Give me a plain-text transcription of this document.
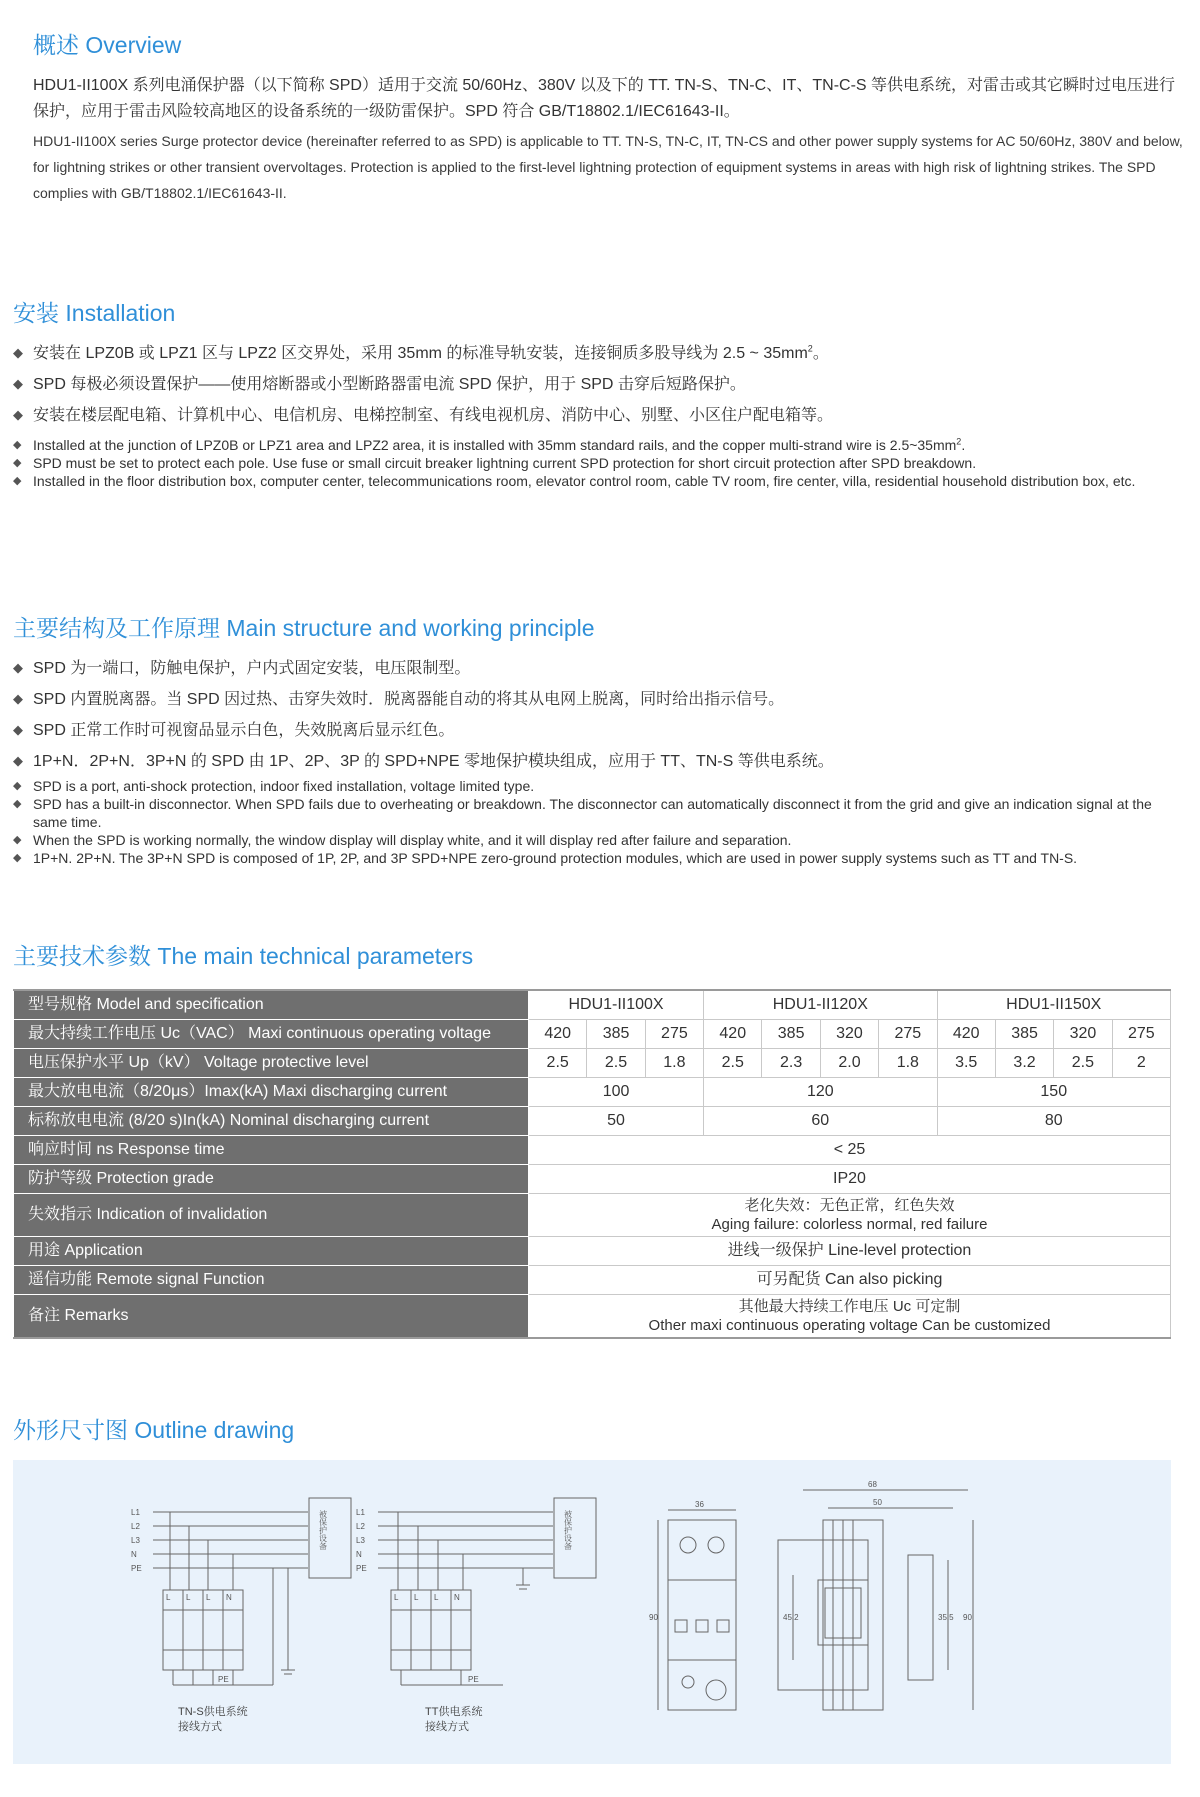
概述 Overview

HDU1-II100X 系列电涌保护器（以下简称 SPD）适用于交流 50/60Hz、380V 以及下的 TT. TN-S、TN-C、IT、TN-C-S 等供电系统，对雷击或其它瞬时过电压进行保护，应用于雷击风险较高地区的设备系统的一级防雷保护。SPD 符合 GB/T18802.1/IEC61643-II。

HDU1-II100X series Surge protector device (hereinafter referred to as SPD) is applicable to TT. TN-S, TN-C, IT, TN-CS and other power supply systems for AC 50/60Hz, 380V and below, for lightning strikes or other transient overvoltages. Protection is applied to the first-level lightning protection of equipment systems in areas with high risk of lightning strikes. The SPD complies with GB/T18802.1/IEC61643-II.

安装 Installation
◆ 安装在 LPZ0B 或 LPZ1 区与 LPZ2 区交界处，采用 35mm 的标准导轨安装，连接铜质多股导线为 2.5 ~ $35mm^2$。
◆ SPD 每极必须设置保护——使用熔断器或小型断路器雷电流 SPD 保护，用于 SPD 击穿后短路保护。
◆ 安装在楼层配电箱、计算机中心、电信机房、电梯控制室、有线电视机房、消防中心、别墅、小区住户配电箱等。
◆ Installed at the junction of LPZ0B or LPZ1 area and LPZ2 area, it is installed with 35mm standard rails, and the copper multi-strand wire is $2.5\sim 35mm^2$.
◆ SPD must be set to protect each pole. Use fuse or small circuit breaker lightning current SPD protection for short circuit protection after SPD breakdown.
◆ Installed in the floor distribution box, computer center, telecommunications room, elevator control room, cable TV room, fire center, villa, residential household distribution box, etc.
主要结构及工作原理 Main structure and working principle
◆ SPD 为一端口，防触电保护，户内式固定安装，电压限制型。
◆ SPD 内置脱离器。当 SPD 因过热、击穿失效时．脱离器能自动的将其从电网上脱离，同时给出指示信号。
◆ SPD 正常工作时可视窗品显示白色，失效脱离后显示红色。
◆ 1P+N．2P+N．3P+N 的 SPD 由 1P、2P、3P 的 SPD+NPE 零地保护模块组成，应用于 TT、TN-S 等供电系统。
◆ SPD is a port, anti-shock protection, indoor fixed installation, voltage limited type.
◆ SPD has a built-in disconnector. When SPD fails due to overheating or breakdown. The disconnector can automatically disconnect it from the grid and give an indication signal at the same time.
◆ When the SPD is working normally, the window display will display white, and it will display red after failure and separation.
◆ 1P+N. 2P+N. The 3P+N SPD is composed of 1P, 2P, and 3P SPD+NPE zero-ground protection modules, which are used in power supply systems such as TT and TN-S.
主要技术参数 The main technical parameters
型号规格 Model and specification	HDU1-II100X			HDU1-II120X				HDU1-II150X			
最大持续工作电压 Uc（VAC） Maxi continuous operating voltage	420	385	275	420	385	320	275	420	385	320	275
电压保护水平 Up（kV） Voltage protective level	2.5	2.5	1.8	2.5	2.3	2.0	1.8	3.5	3.2	2.5	2
最大放电电流（8/20μs）Imax(kA) Maxi discharging current	100			120				150			
标称放电电流 (8/20 s)In(kA) Nominal discharging current	50			60				80			
响应时间 ns Response time	< 25										
防护等级 Protection grade	IP20										
失效指示 Indication of invalidation	老化失效：无色正常，红色失效
Aging failure: colorless normal, red failure										

用途 Application	进线一级保护 Line-level protection										
遥信功能 Remote signal Function	可另配货 Can also picking										
备注 Remarks	其他最大持续工作电压 Uc 可定制
Other maxi continuous operating voltage Can be customized										
外形尺寸图 Outline drawing
L1
L2
L3
N
PE
L L L N
PE
被保护设备
TN-S供电系统
接线方式
L1
L2
L3
N
PE
L L L N
PE
被保护设备
TT供电系统
接线方式
36
90
68
50
45.2	35.5 90
